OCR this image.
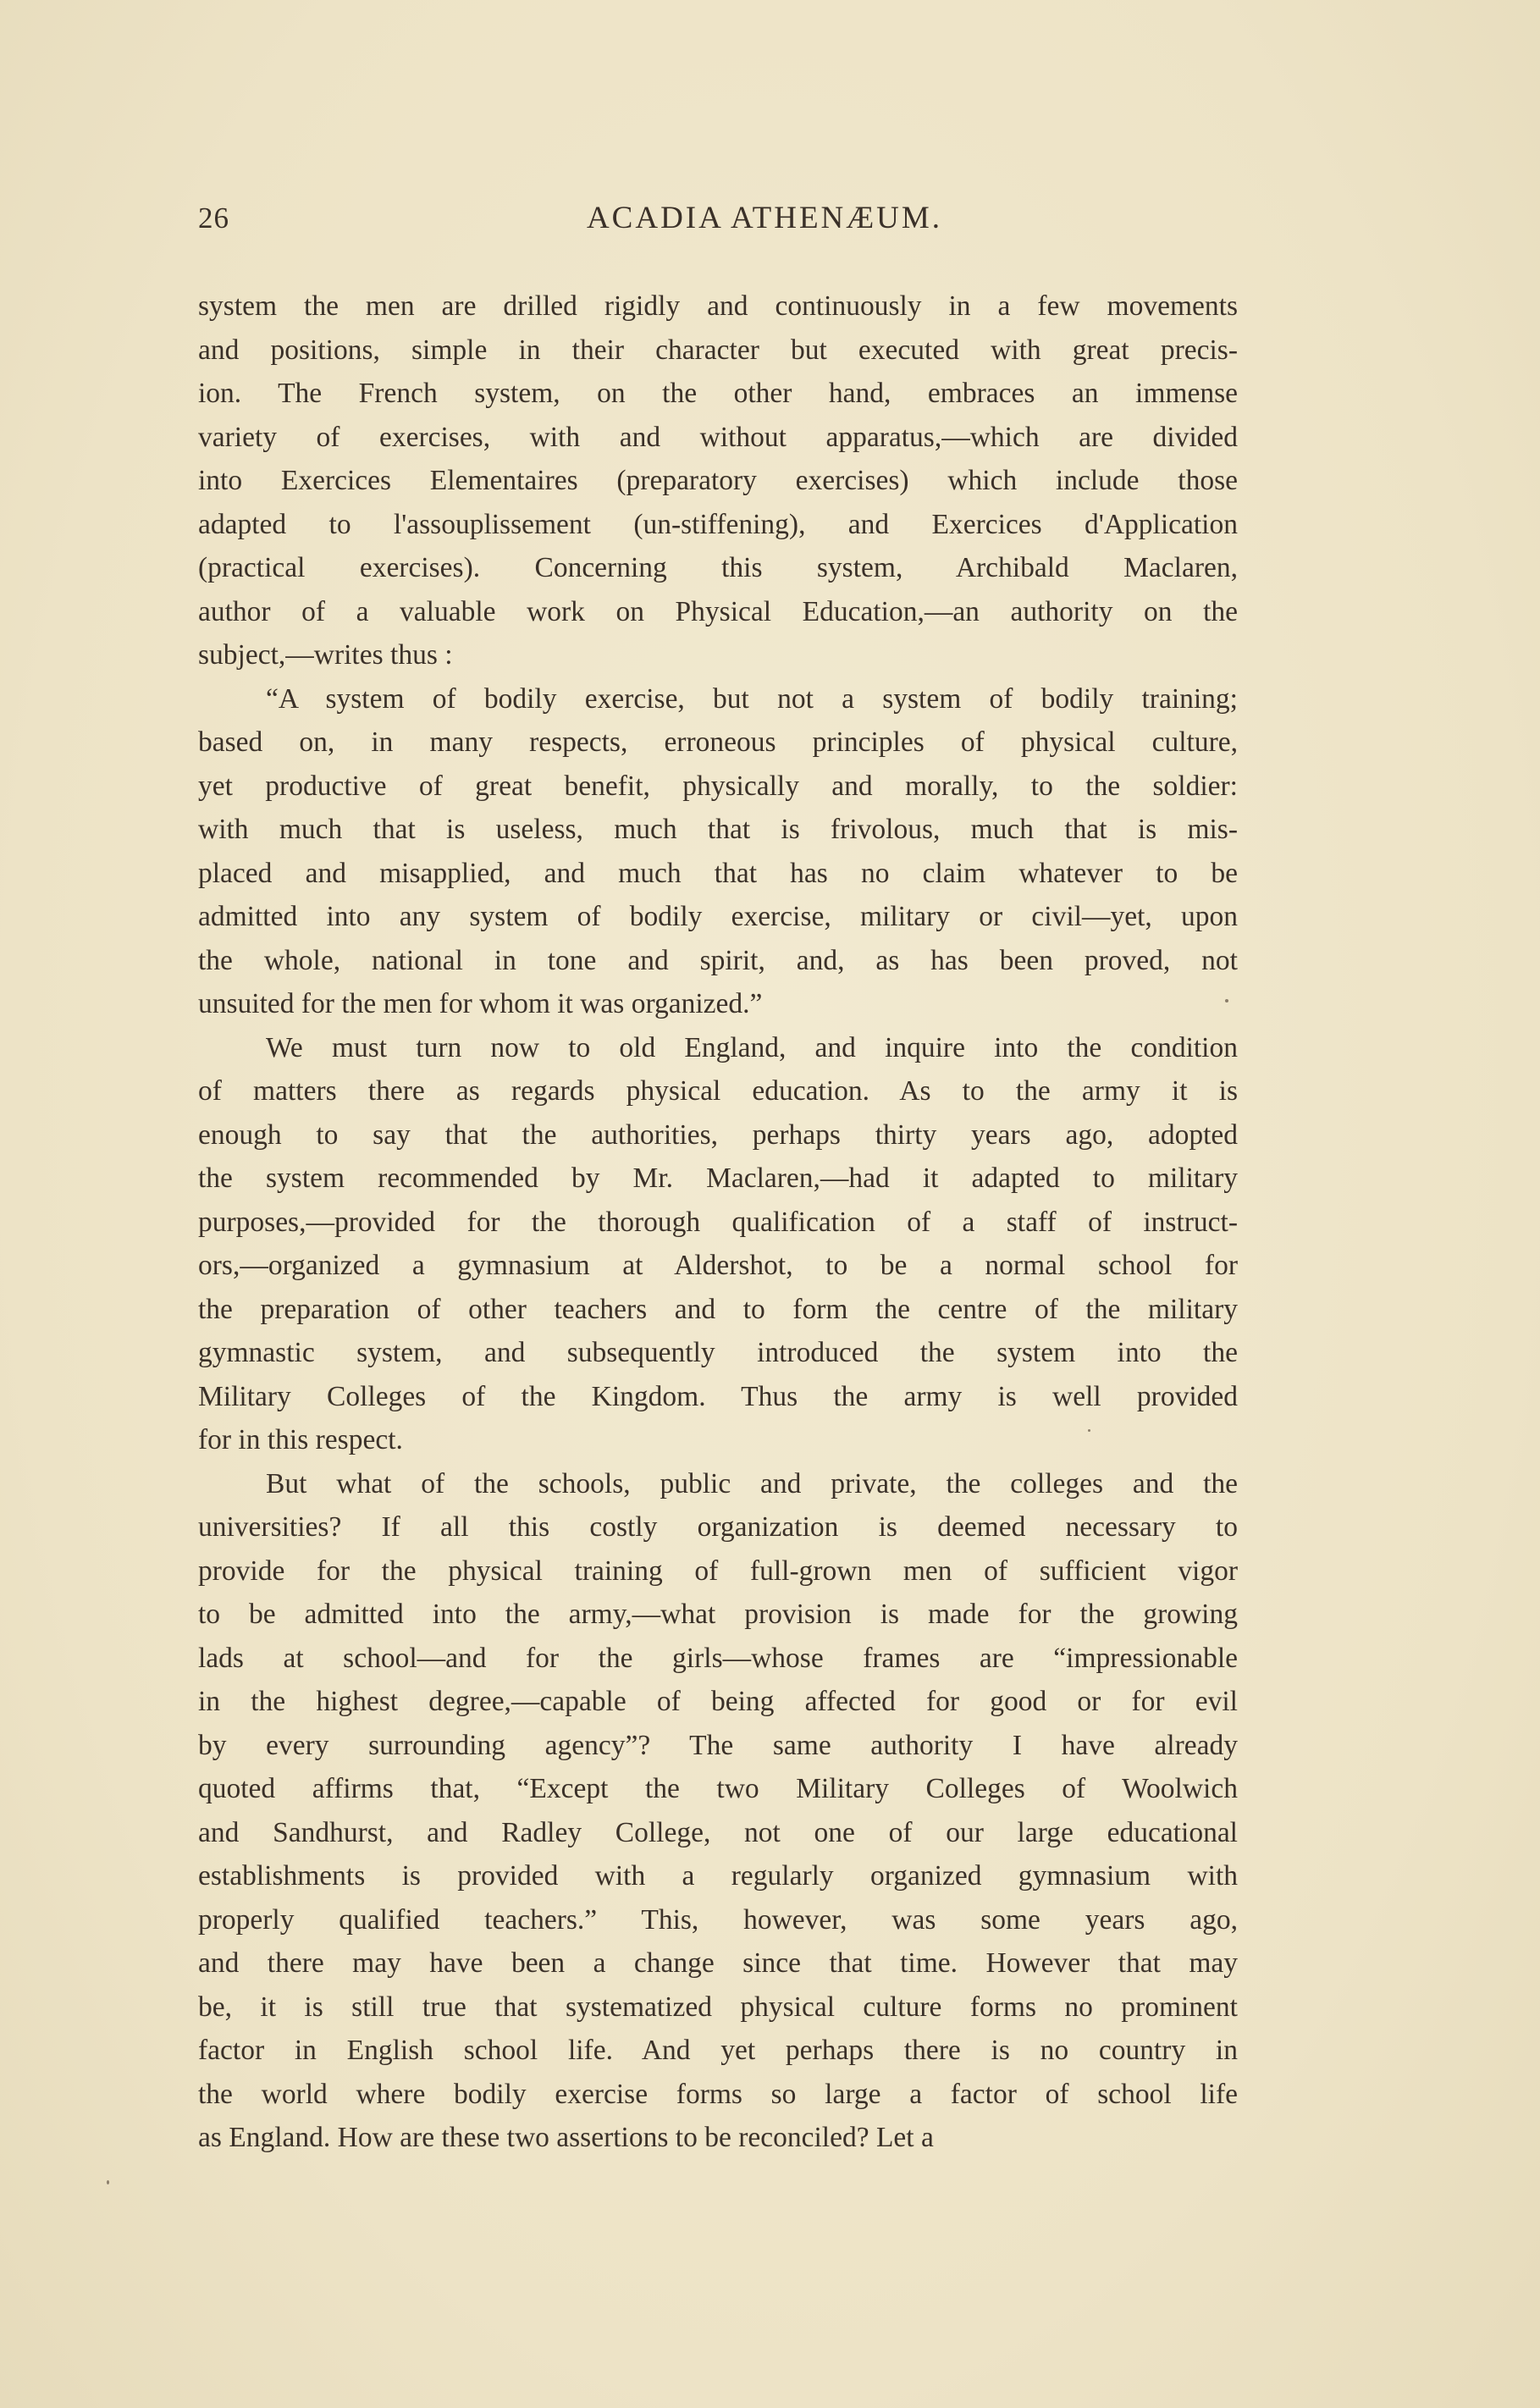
26	ACADIA ATHENÆUM.
system the men are drilled rigidly and continuously in a few movements
and positions, simple in their character but executed with great precis-
ion. The French system, on the other hand, embraces an immense
variety of exercises, with and without apparatus,—which are divided
into Exercices Elementaires (preparatory exercises) which include those
adapted to l'assouplissement (un-stiffening), and Exercices d'Application
(practical exercises). Concerning this system, Archibald Maclaren,
author of a valuable work on Physical Education,—an authority on the
subject,—writes thus :
“A system of bodily exercise, but not a system of bodily training;
based on, in many respects, erroneous principles of physical culture,
yet productive of great benefit, physically and morally, to the soldier:
with much that is useless, much that is frivolous, much that is mis-
placed and misapplied, and much that has no claim whatever to be
admitted into any system of bodily exercise, military or civil—yet, upon
the whole, national in tone and spirit, and, as has been proved, not
unsuited for the men for whom it was organized.”
We must turn now to old England, and inquire into the condition
of matters there as regards physical education. As to the army it is
enough to say that the authorities, perhaps thirty years ago, adopted
the system recommended by Mr. Maclaren,—had it adapted to military
purposes,—provided for the thorough qualification of a staff of instruct-
ors,—organized a gymnasium at Aldershot, to be a normal school for
the preparation of other teachers and to form the centre of the military
gymnastic system, and subsequently introduced the system into the
Military Colleges of the Kingdom. Thus the army is well provided
for in this respect.
But what of the schools, public and private, the colleges and the
universities? If all this costly organization is deemed necessary to
provide for the physical training of full-grown men of sufficient vigor
to be admitted into the army,—what provision is made for the growing
lads at school—and for the girls—whose frames are “impressionable
in the highest degree,—capable of being affected for good or for evil
by every surrounding agency”? The same authority I have already
quoted affirms that, “Except the two Military Colleges of Woolwich
and Sandhurst, and Radley College, not one of our large educational
establishments is provided with a regularly organized gymnasium with
properly qualified teachers.” This, however, was some years ago,
and there may have been a change since that time. However that may
be, it is still true that systematized physical culture forms no prominent
factor in English school life. And yet perhaps there is no country in
the world where bodily exercise forms so large a factor of school life
as England. How are these two assertions to be reconciled? Let a
